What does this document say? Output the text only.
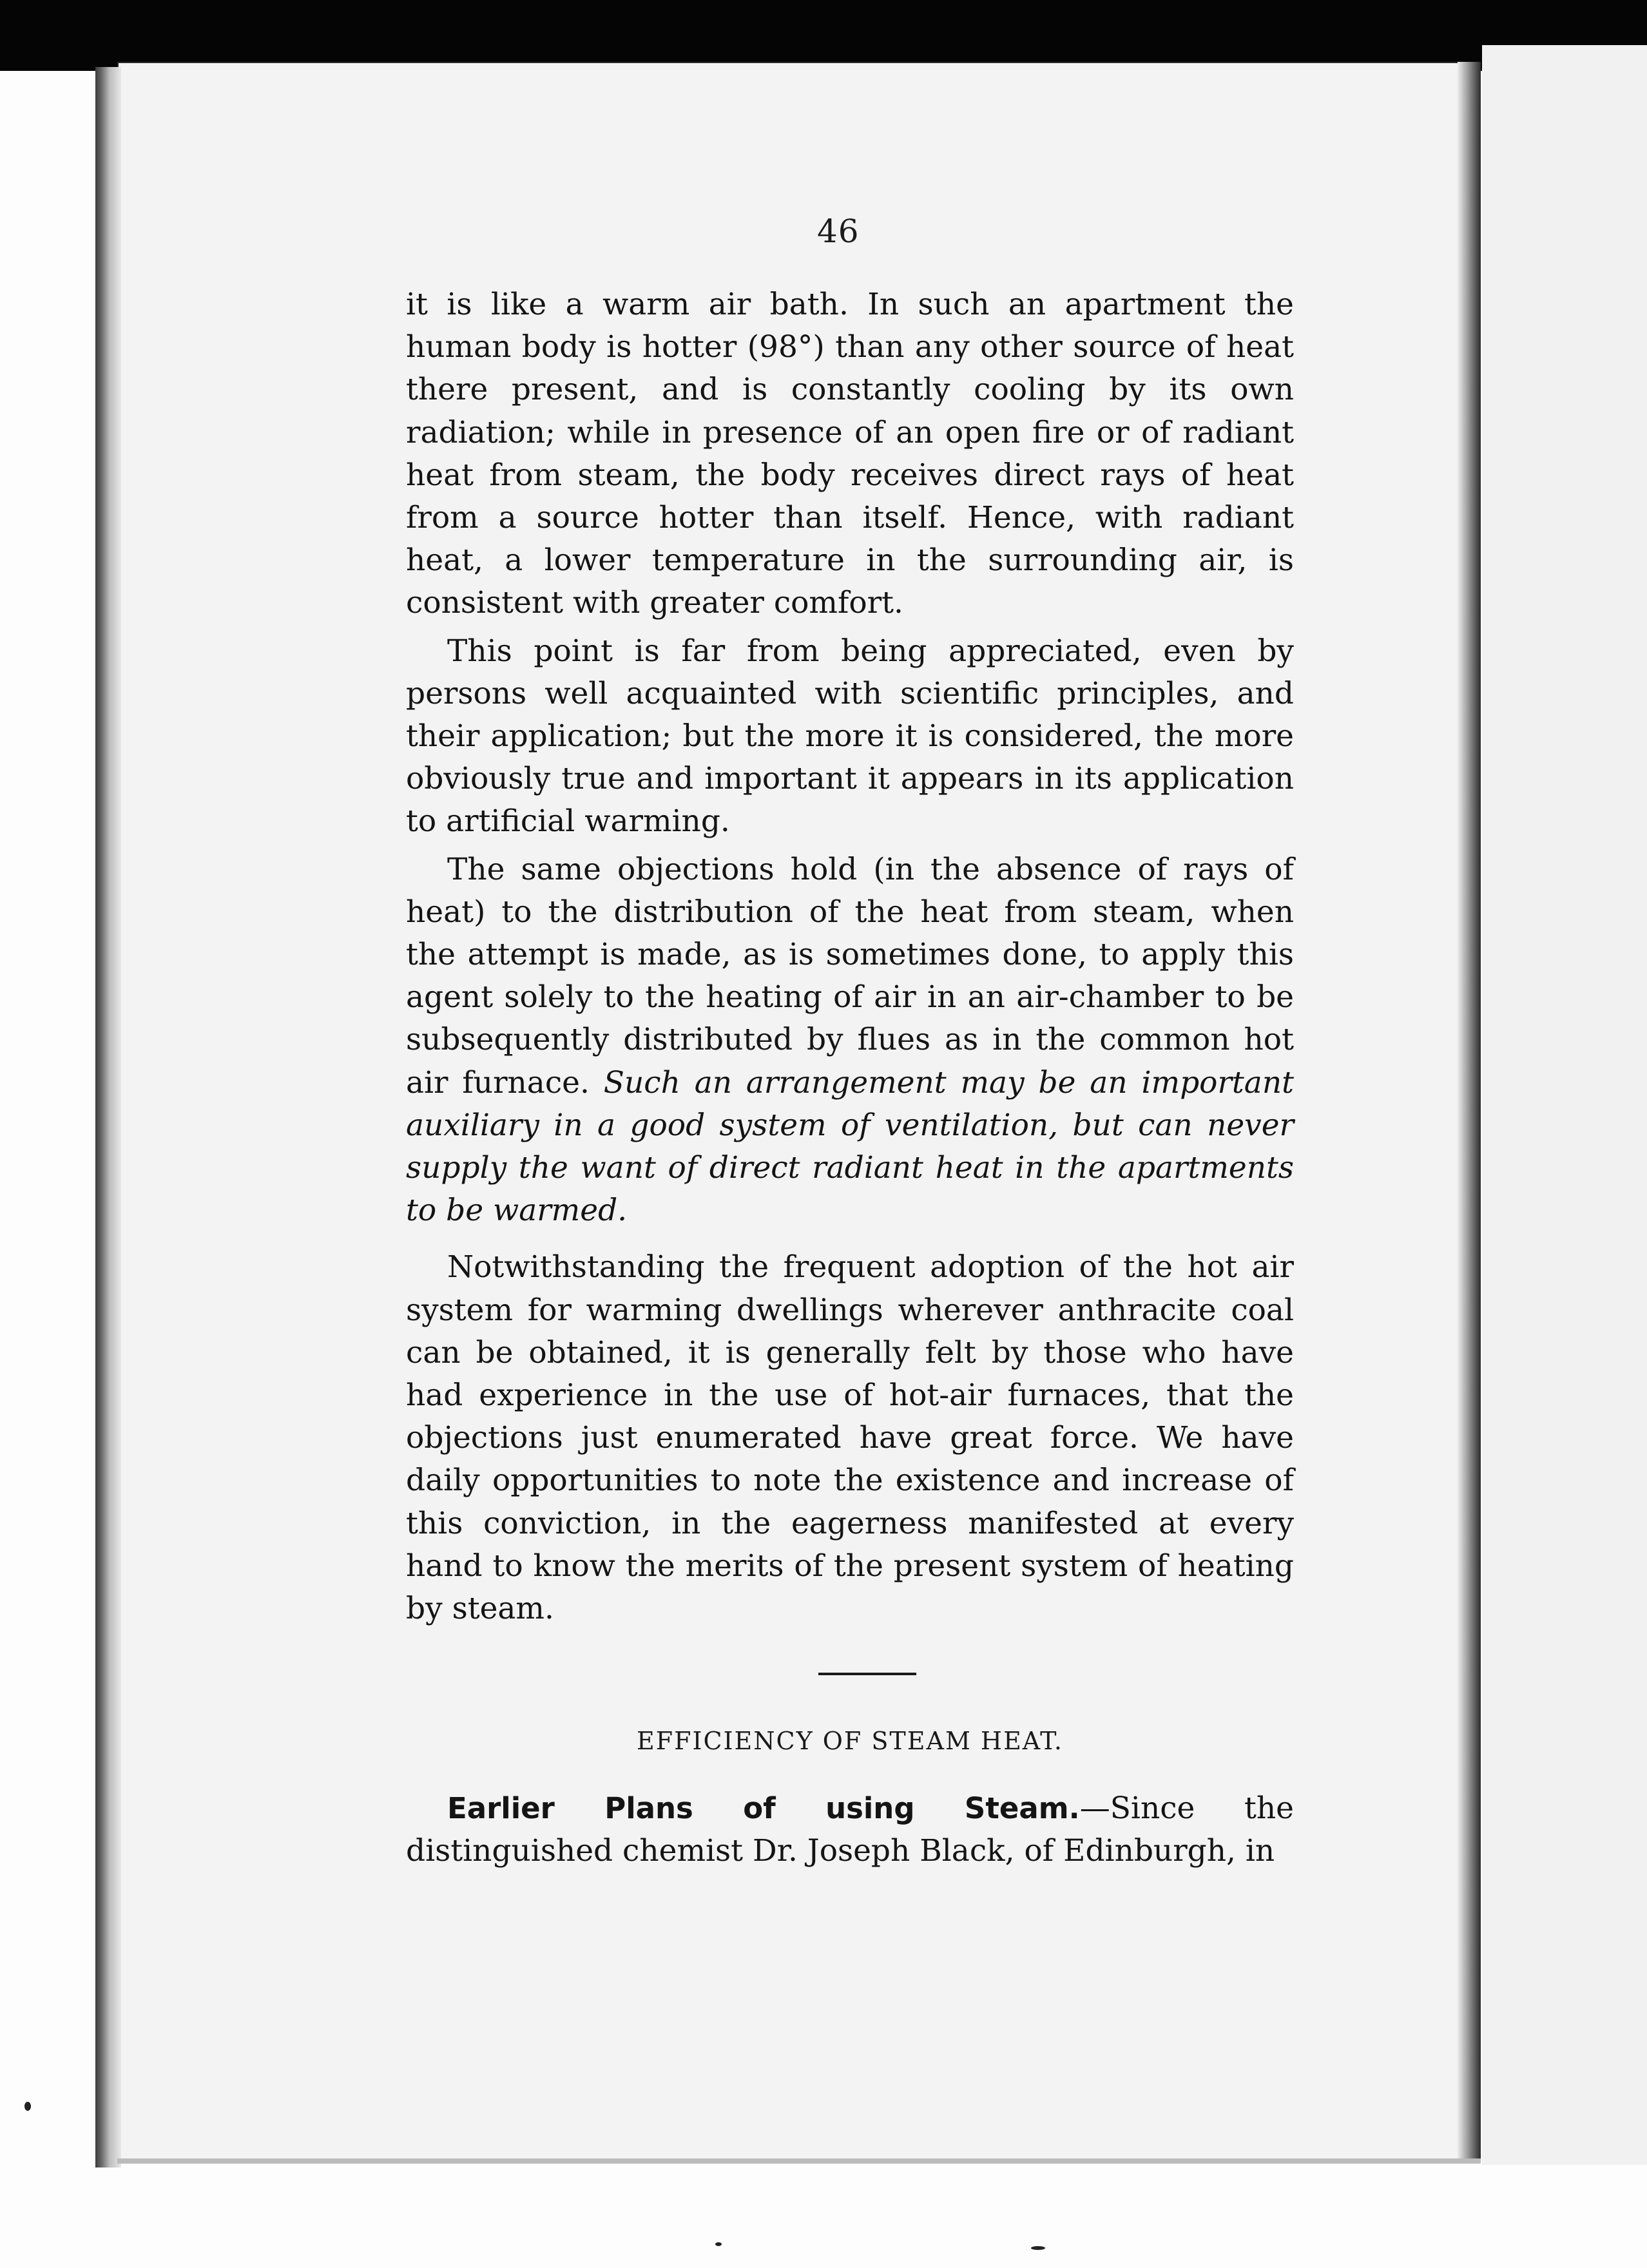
46

it is like a warm air bath. In such an apartment the human body is hotter (98°) than any other source of heat there present, and is constantly cooling by its own radiation; while in presence of an open fire or of radiant heat from steam, the body receives direct rays of heat from a source hotter than itself. Hence, with radiant heat, a lower temperature in the surrounding air, is consistent with greater comfort.

This point is far from being appreciated, even by persons well acquainted with scientific principles, and their application; but the more it is considered, the more obviously true and important it appears in its application to artificial warming.

The same objections hold (in the absence of rays of heat) to the distribution of the heat from steam, when the attempt is made, as is sometimes done, to apply this agent solely to the heating of air in an air-chamber to be subsequently distributed by flues as in the common hot air furnace. Such an arrangement may be an important auxiliary in a good system of ventilation, but can never supply the want of direct radiant heat in the apartments to be warmed.

Notwithstanding the frequent adoption of the hot air system for warming dwellings wherever anthracite coal can be obtained, it is generally felt by those who have had experience in the use of hot-air furnaces, that the objections just enumerated have great force. We have daily opportunities to note the existence and increase of this conviction, in the eagerness manifested at every hand to know the merits of the present system of heating by steam.

EFFICIENCY OF STEAM HEAT.

Earlier Plans of using Steam.—Since the distinguished chemist Dr. Joseph Black, of Edinburgh, in
